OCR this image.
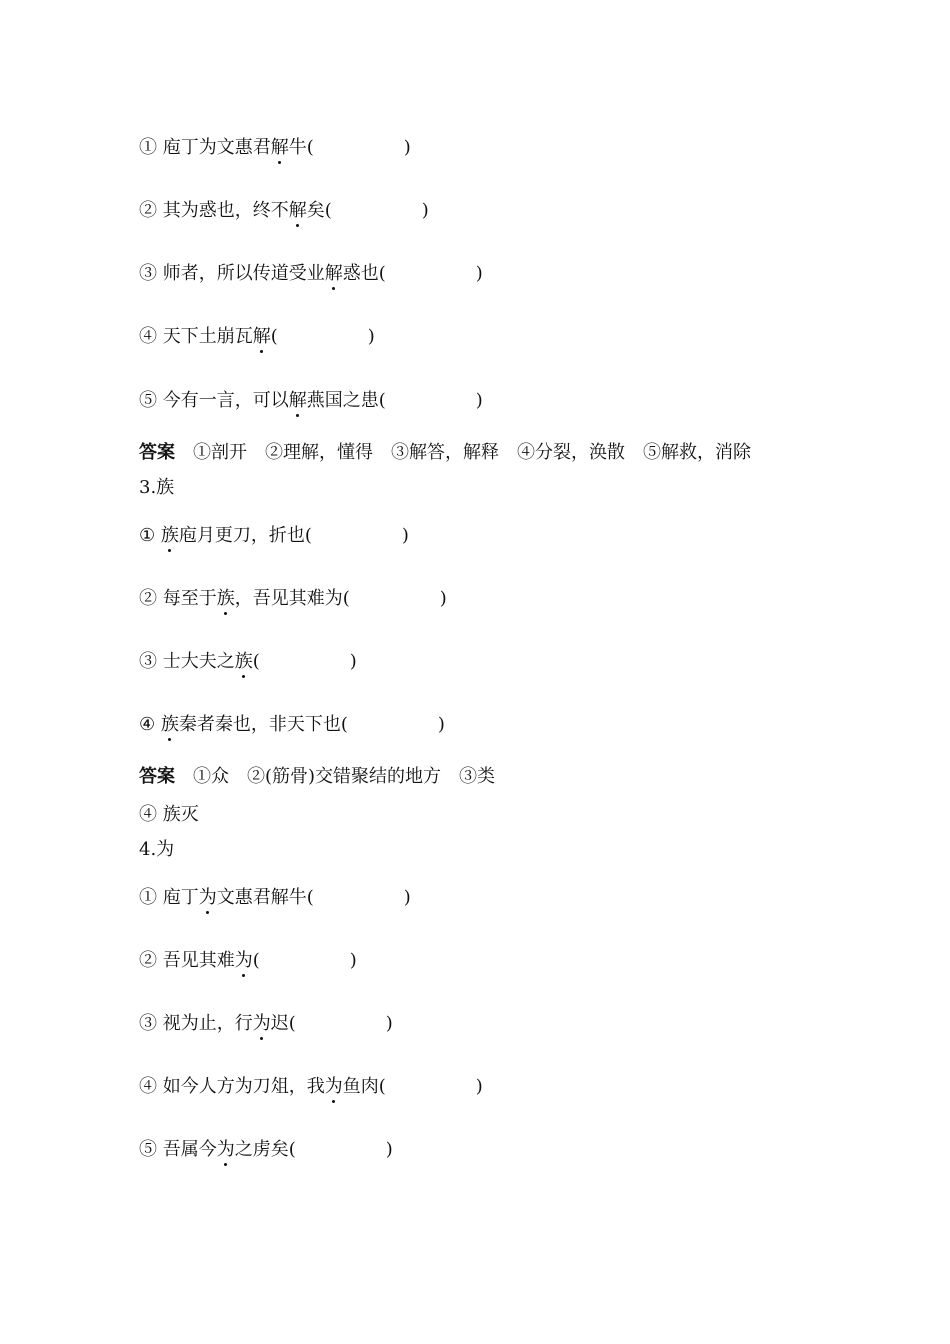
① 庖丁为文惠君解牛(	)
② 其为惑也，终不解矣(	)
③ 师者，所以传道受业解惑也(	)
④ 天下土崩瓦解(	)
⑤ 今有一言，可以解燕国之患(	)
答案　 ①剖开　②理解，懂得　③解答，解释　④分裂，涣散　⑤解救，消除
3.族
① 族庖月更刀，折也(	)
② 每至于族，吾见其难为(	)
③ 士大夫之族(	)
④ 族秦者秦也，非天下也(	)
答案　 ①众　②(筋骨)交错聚结的地方　③类
④ 族灭
4.为
① 庖丁为文惠君解牛(	)
② 吾见其难为(	)
③ 视为止，行为迟(	)
④ 如今人方为刀俎，我为鱼肉(	)
⑤ 吾属今为之虏矣(	)
